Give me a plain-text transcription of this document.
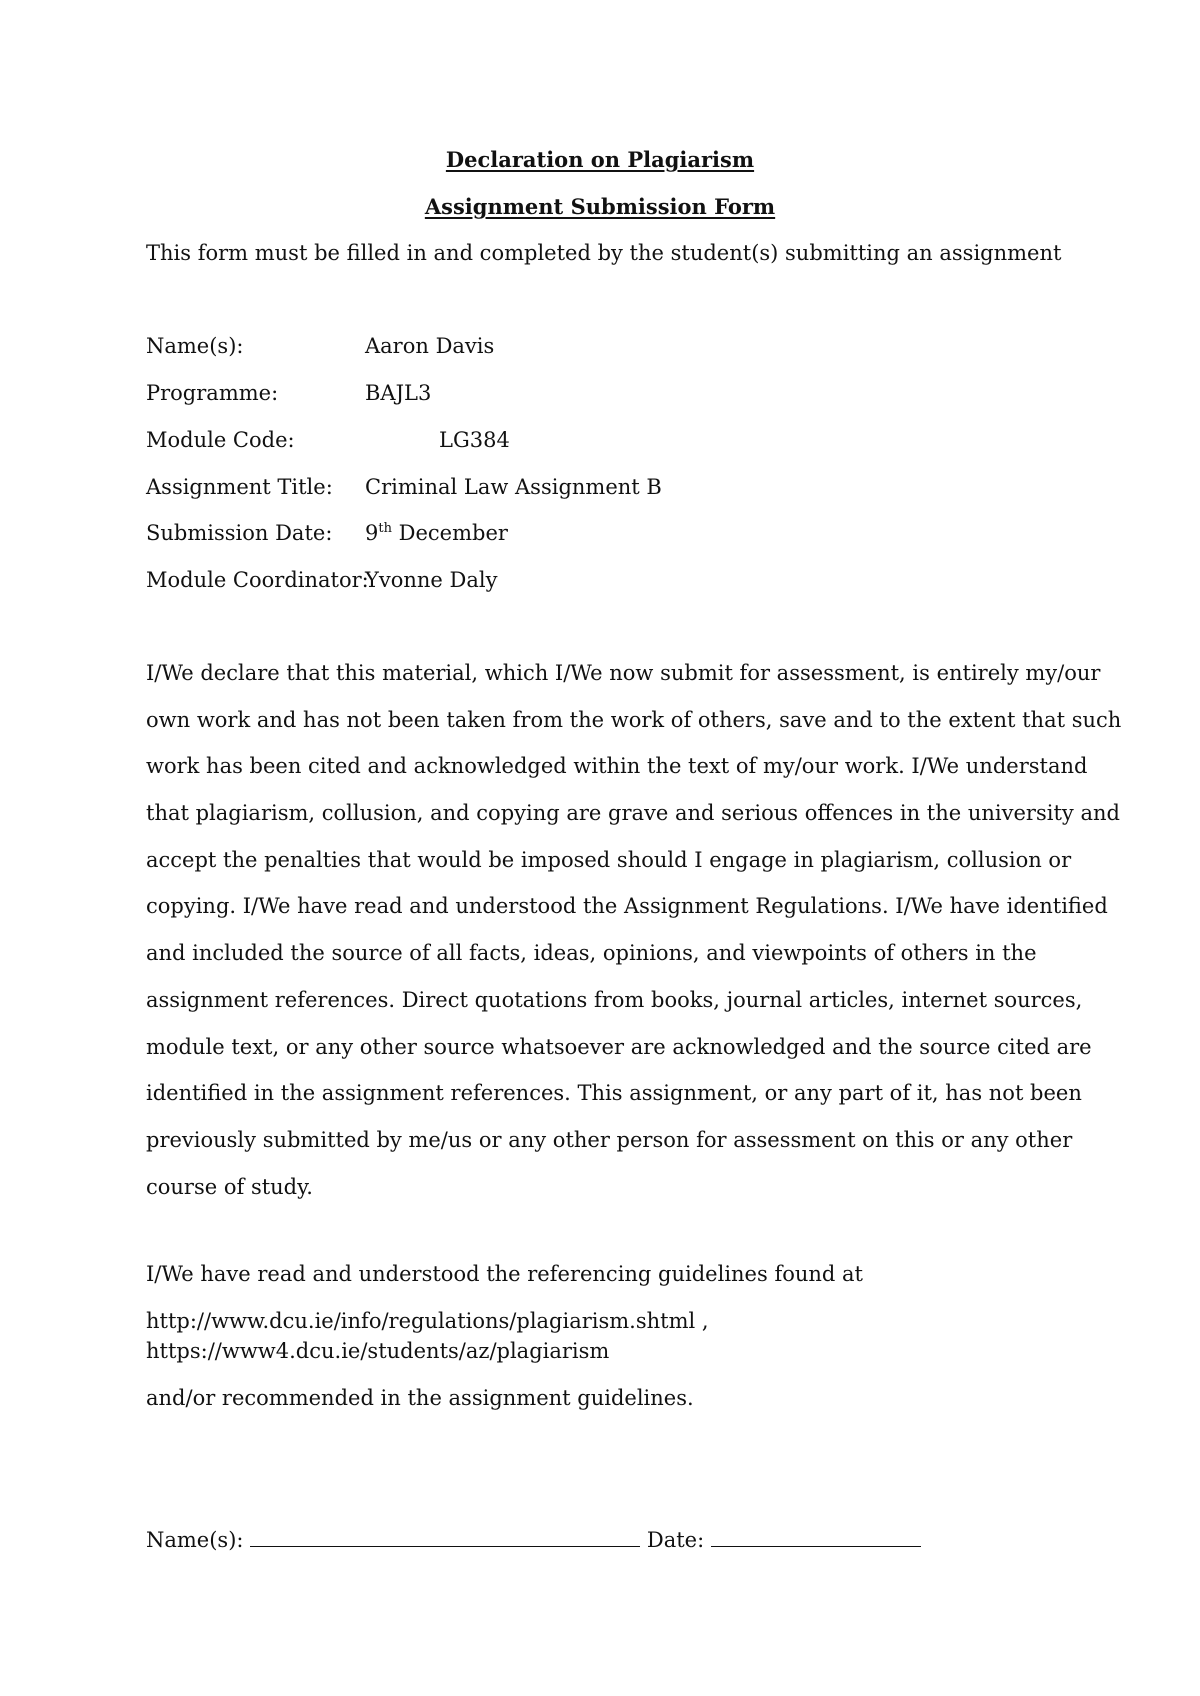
Declaration on Plagiarism
Assignment Submission Form
This form must be filled in and completed by the student(s) submitting an assignment
Name(s):	Aaron Davis
Programme:	BAJL3
Module Code:	LG384
Assignment Title: Criminal Law Assignment B
Submission Date: 9th December
Module Coordinator:
Yvonne Daly
I/We declare that this material, which I/We now submit for assessment, is entirely my/our
own work and has not been taken from the work of others, save and to the extent that such
work has been cited and acknowledged within the text of my/our work. I/We understand
that plagiarism, collusion, and copying are grave and serious offences in the university and
accept the penalties that would be imposed should I engage in plagiarism, collusion or
copying. I/We have read and understood the Assignment Regulations. I/We have identified
and included the source of all facts, ideas, opinions, and viewpoints of others in the
assignment references. Direct quotations from books, journal articles, internet sources,
module text, or any other source whatsoever are acknowledged and the source cited are
identified in the assignment references. This assignment, or any part of it, has not been
previously submitted by me/us or any other person for assessment on this or any other
course of study.
I/We have read and understood the referencing guidelines found at
http://www.dcu.ie/info/regulations/plagiarism.shtml ,
https://www4.dcu.ie/students/az/plagiarism
and/or recommended in the assignment guidelines.
Name(s):	Date:
